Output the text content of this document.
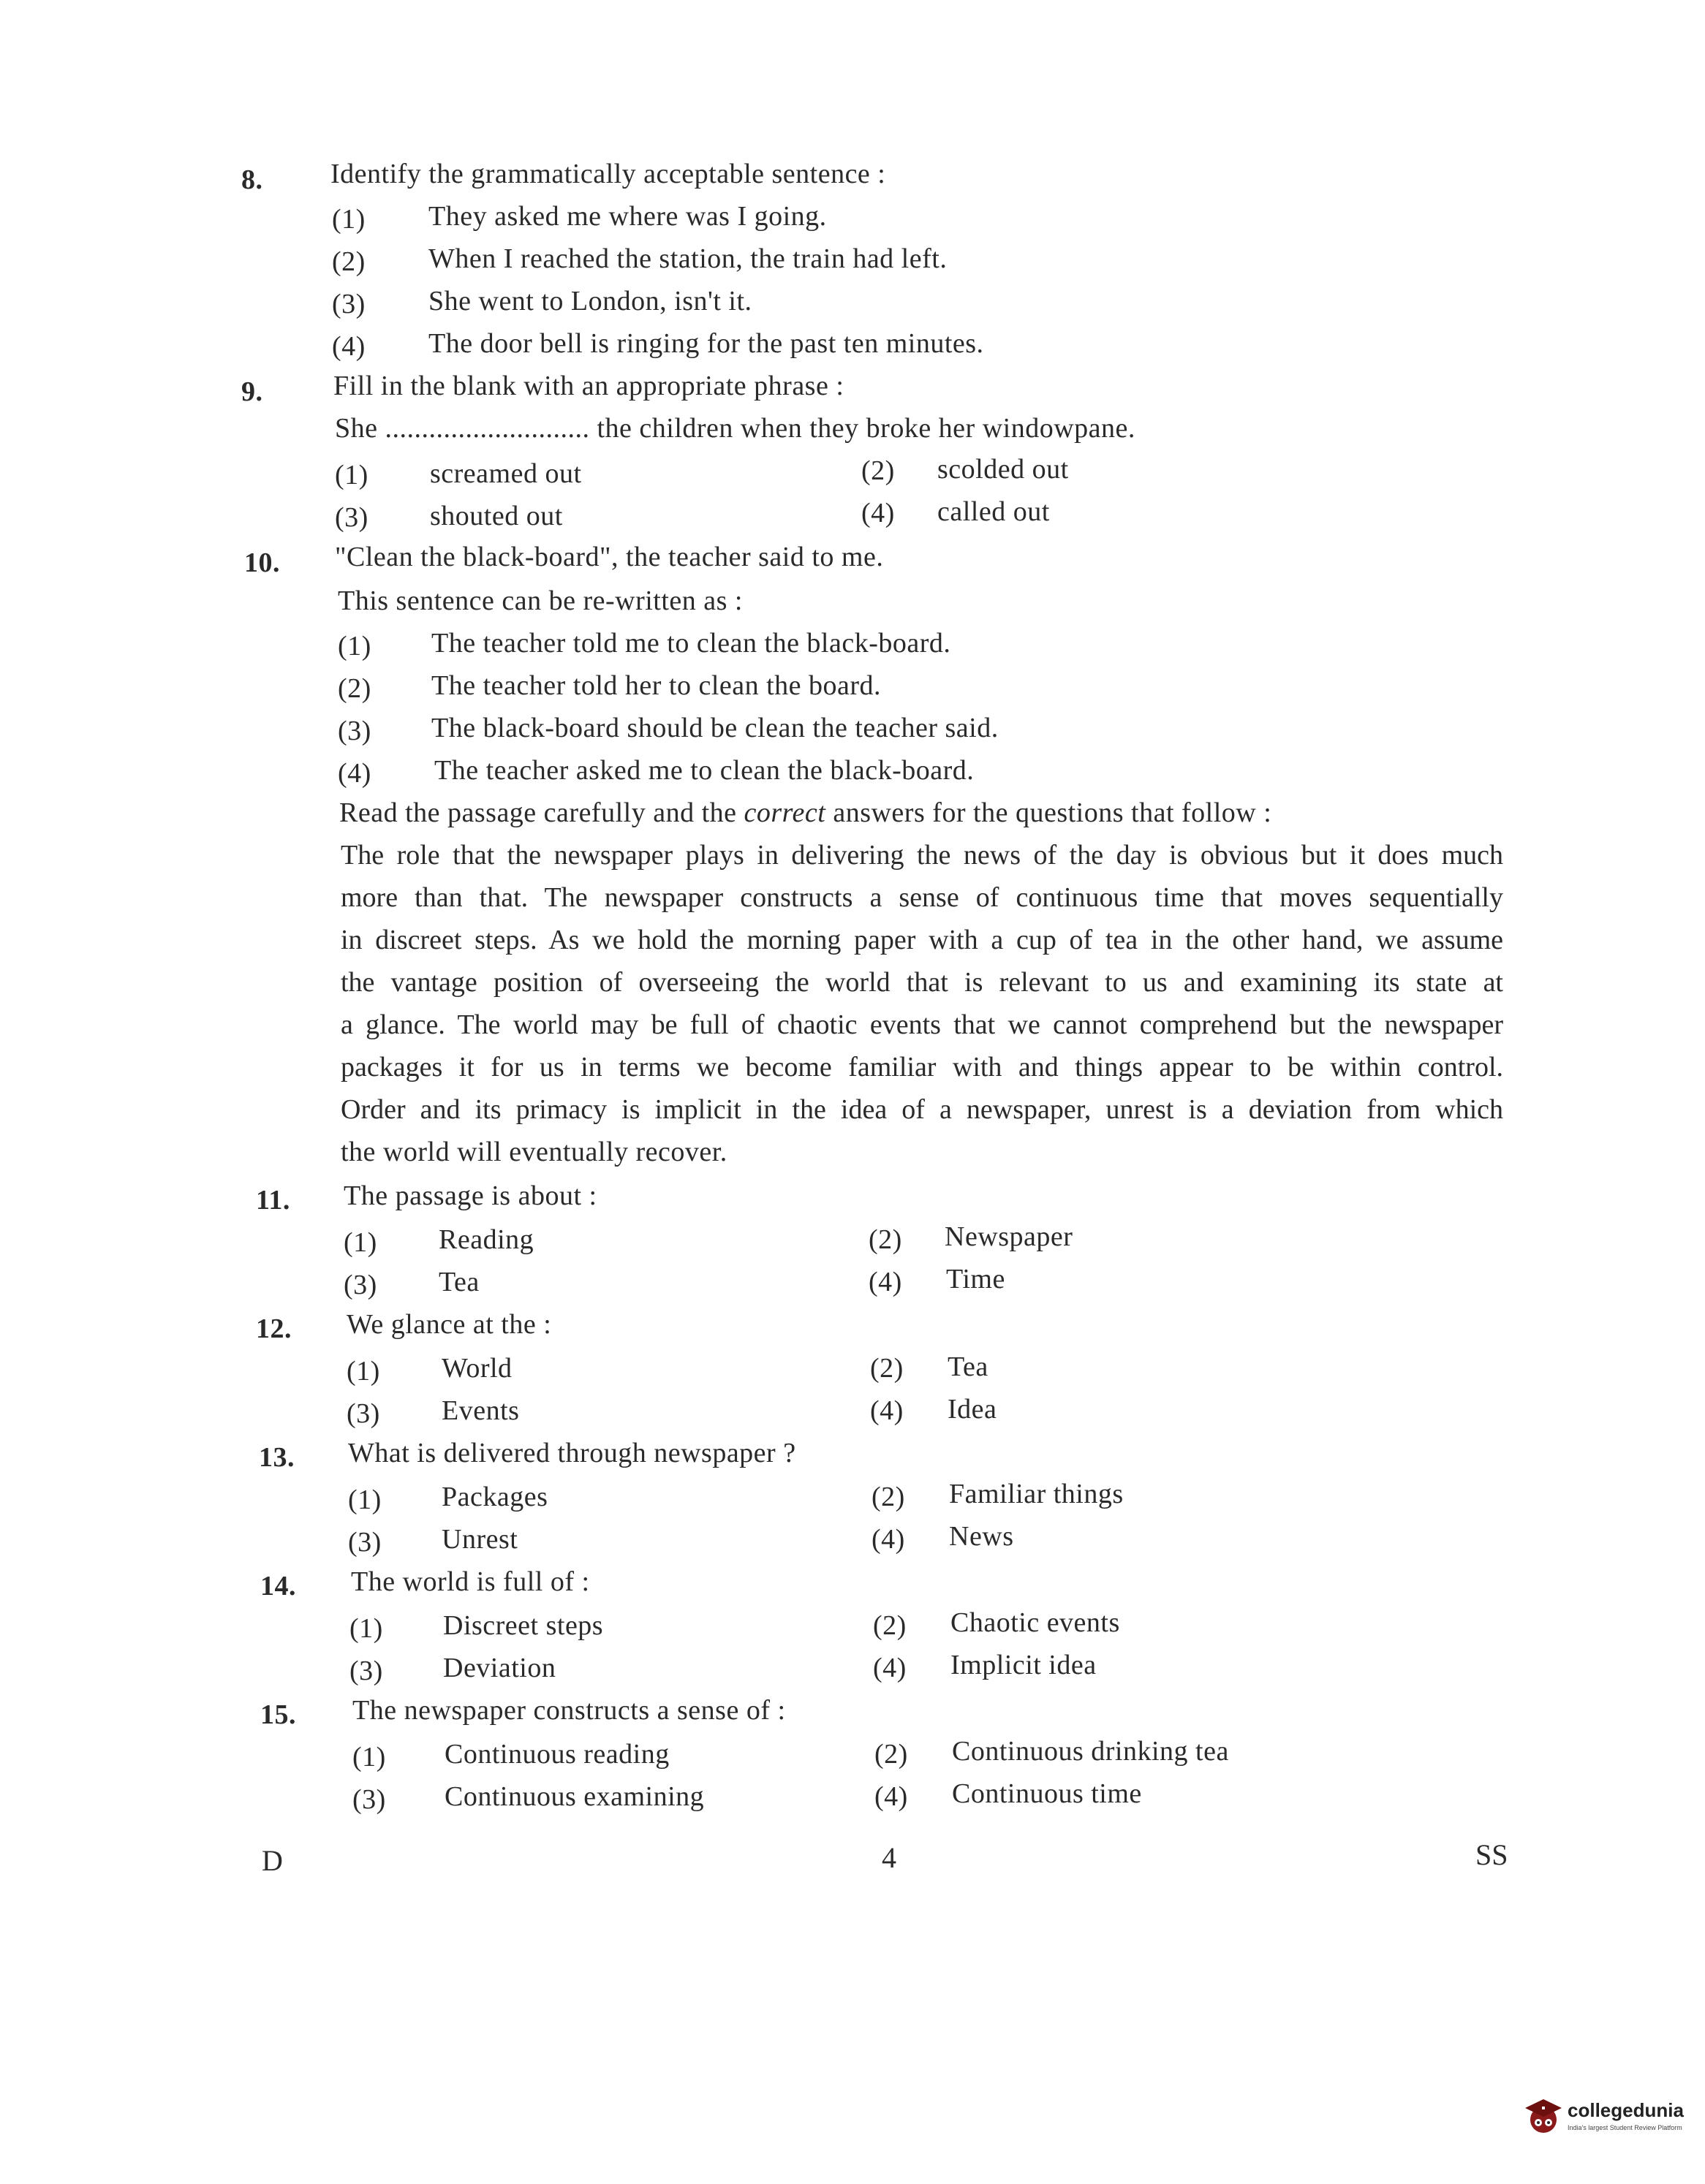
8. Identify the grammatically acceptable sentence :
(1) They asked me where was I going.
(2) When I reached the station, the train had left.
(3) She went to London, isn't it.
(4) The door bell is ringing for the past ten minutes.
9.	Fill in the blank with an appropriate phrase :
She ............................ the children when they broke her windowpane.
(1) screamed out	(2) scolded out
(3) shouted out	(4) called out
10. "Clean the black-board", the teacher said to me.
This sentence can be re-written as :
(1) The teacher told me to clean the black-board.
(2) The teacher told her to clean the board.
(3) The black-board should be clean the teacher said.
(4) The teacher asked me to clean the black-board.
Read the passage carefully and the correct answers for the questions that follow :
The role that the newspaper plays in delivering the news of the day is obvious but it does much
more than that. The newspaper constructs a sense of continuous time that moves sequentially
in discreet steps. As we hold the morning paper with a cup of tea in the other hand, we assume
the vantage position of overseeing the world that is relevant to us and examining its state at
a glance. The world may be full of chaotic events that we cannot comprehend but the newspaper
packages it for us in terms we become familiar with and things appear to be within control.
Order and its primacy is implicit in the idea of a newspaper, unrest is a deviation from which
the world will eventually recover.
11. The passage is about :
(1) Reading	(2) Newspaper
(3) Tea	(4) Time
12. We glance at the :
(1) World	(2) Tea
(3) Events	(4) Idea
13. What is delivered through newspaper ?
(1) Packages	(2) Familiar things
(3) Unrest	(4) News
14. The world is full of :
(1) Discreet steps	(2) Chaotic events
(3) Deviation	(4) Implicit idea
15. The newspaper constructs a sense of :
(1) Continuous reading	(2) Continuous drinking tea
(3) Continuous examining	(4) Continuous time
D	4	SS
collegedunia
India's largest Student Review Platform
